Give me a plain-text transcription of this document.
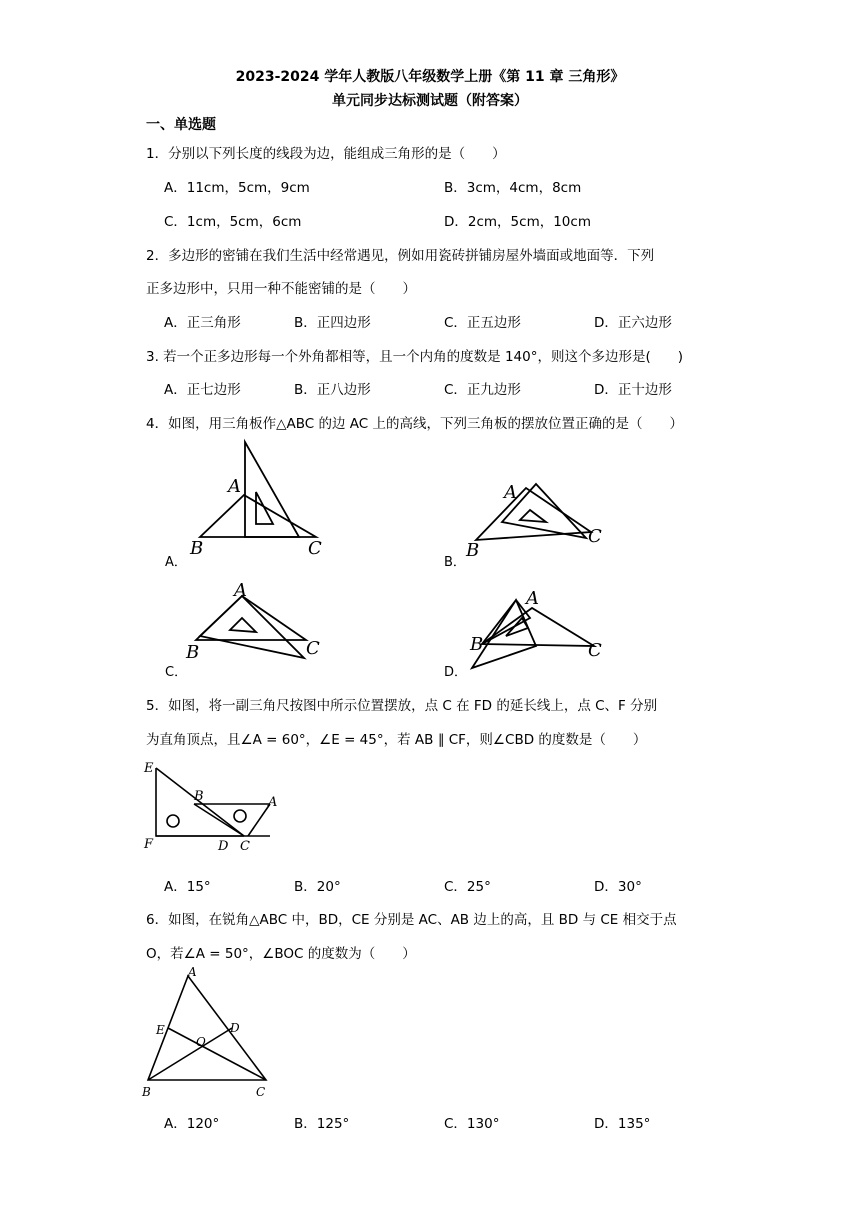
2023-2024 学年人教版八年级数学上册《第 11 章 三角形》
单元同步达标测试题（附答案）
一、单选题
1．分别以下列长度的线段为边，能组成三角形的是（　　）
A．11cm，5cm，9cm	B．3cm，4cm，8cm
C．1cm，5cm，6cm	D．2cm，5cm，10cm
2．多边形的密铺在我们生活中经常遇见，例如用瓷砖拼铺房屋外墙面或地面等．下列
正多边形中，只用一种不能密铺的是（　　）
A．正三角形	B．正四边形	C．正五边形	D．正六边形
3. 若一个正多边形每一个外角都相等，且一个内角的度数是 140°，则这个多边形是(　　)
A．正七边形	B．正八边形	C．正九边形	D．正十边形
4．如图，用三角板作△ABC 的边 AC 上的高线，下列三角板的摆放位置正确的是（　　）
B
A
C
A．
A
B
C
B．
A
B	C
C．
A
B	C
D．
5．如图，将一副三角尺按图中所示位置摆放，点 C 在 FD 的延长线上，点 C、F 分别
为直角顶点，且∠A = 60°，∠E = 45°，若 AB ∥ CF，则∠CBD 的度数是（　　）
E
B	A
F	D C
A．15°	B．20°	C．25°	D．30°
6．如图，在锐角△ABC 中，BD，CE 分别是 AC、AB 边上的高，且 BD 与 CE 相交于点
O，若∠A = 50°，∠BOC 的度数为（　　）
A
E	D
O
B	C
A．120°	B．125°	C．130°	D．135°
